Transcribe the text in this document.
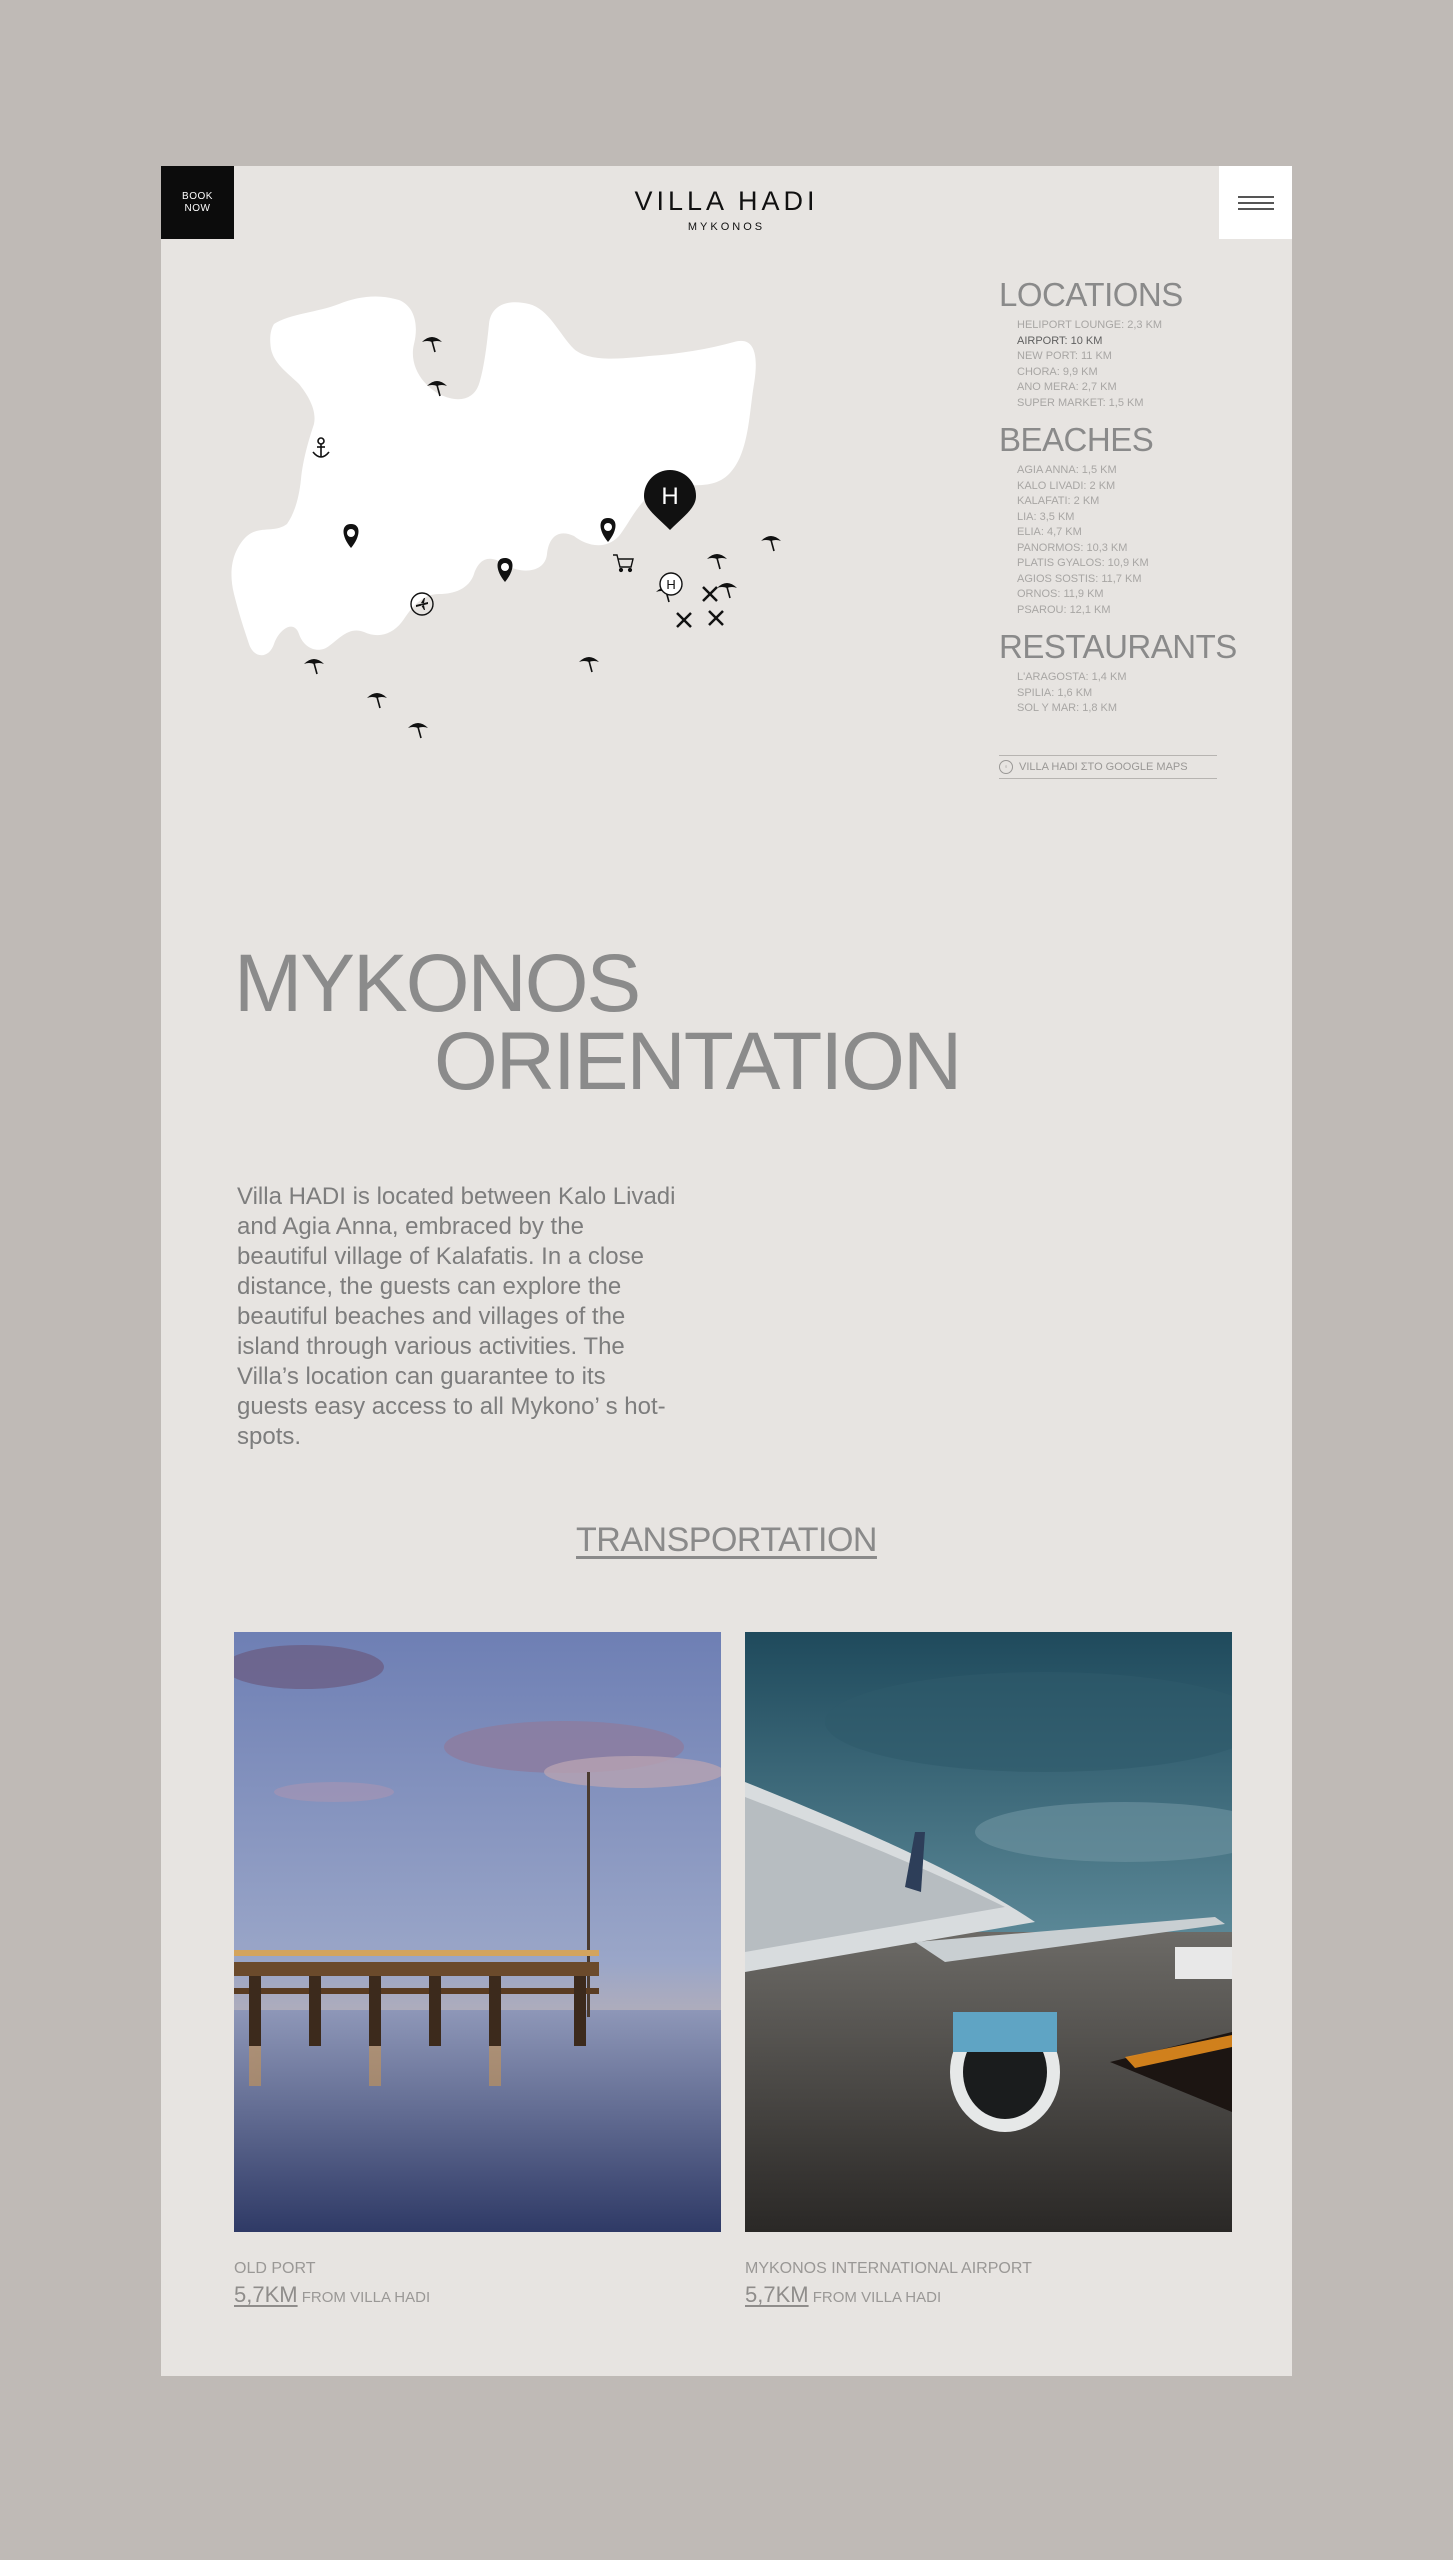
BOOK
NOW	VILLA HADI
MYKONOS
H
H
LOCATIONS
HELIPORT LOUNGE: 2,3 KM
AIRPORT: 10 KM
NEW PORT: 11 KM
CHORA: 9,9 KM
ANO MERA: 2,7 KM
SUPER MARKET: 1,5 KM
BEACHES
AGIA ANNA: 1,5 KM
KALO LIVADI: 2 KM
KALAFATI: 2 KM
LIA: 3,5 KM
ELIA: 4,7 KM
PANORMOS: 10,3 KM
PLATIS GYALOS: 10,9 KM
AGIOS SOSTIS: 11,7 KM
ORNOS: 11,9 KM
PSAROU: 12,1 KM
RESTAURANTS
L'ARAGOSTA: 1,4 KM
SPILIA: 1,6 KM
SOL Y MAR: 1,8 KM
◦	VILLA HADI ΣΤΟ GOOGLE MAPS
MYKONOS
ORIENTATION

Villa HADI is located between Kalo Livadi and Agia Anna, embraced by the beautiful village of Kalafatis. In a close distance, the guests can explore the beautiful beaches and villages of the island through various activities. The Villa’s location can guarantee to its guests easy access to all Mykono’ s hot-spots.

TRANSPORTATION
OLD PORT
5,7KM FROM VILLA HADI
MYKONOS INTERNATIONAL AIRPORT
5,7KM FROM VILLA HADI
